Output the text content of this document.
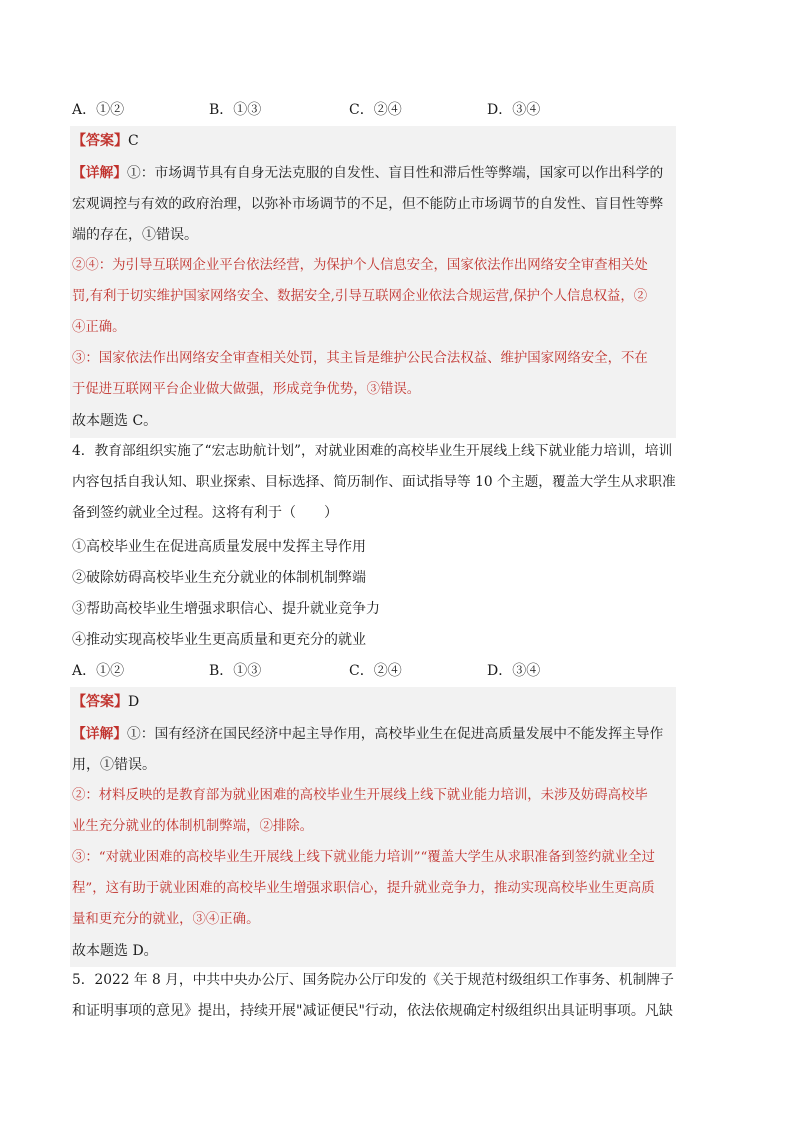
A．①②	B．①③	C．②④	D．③④
【答案】C
【详解】①：市场调节具有自身无法克服的自发性、盲目性和滞后性等弊端，国家可以作出科学的
宏观调控与有效的政府治理，以弥补市场调节的不足，但不能防止市场调节的自发性、盲目性等弊
端的存在，①错误。
②④：为引导互联网企业平台依法经营，为保护个人信息安全，国家依法作出网络安全审查相关处
罚,有利于切实维护国家网络安全、数据安全,引导互联网企业依法合规运营,保护个人信息权益，②
④正确。
③：国家依法作出网络安全审查相关处罚，其主旨是维护公民合法权益、维护国家网络安全，不在
于促进互联网平台企业做大做强，形成竞争优势，③错误。
故本题选 C。
4．教育部组织实施了“宏志助航计划”，对就业困难的高校毕业生开展线上线下就业能力培训，培训
内容包括自我认知、职业探索、目标选择、简历制作、面试指导等 10 个主题，覆盖大学生从求职准
备到签约就业全过程。这将有利于（　　）
①高校毕业生在促进高质量发展中发挥主导作用
②破除妨碍高校毕业生充分就业的体制机制弊端
③帮助高校毕业生增强求职信心、提升就业竞争力
④推动实现高校毕业生更高质量和更充分的就业
A．①②	B．①③	C．②④	D．③④
【答案】D
【详解】①：国有经济在国民经济中起主导作用，高校毕业生在促进高质量发展中不能发挥主导作
用，①错误。
②：材料反映的是教育部为就业困难的高校毕业生开展线上线下就业能力培训，未涉及妨碍高校毕
业生充分就业的体制机制弊端，②排除。
③：“对就业困难的高校毕业生开展线上线下就业能力培训”“覆盖大学生从求职准备到签约就业全过
程”，这有助于就业困难的高校毕业生增强求职信心，提升就业竞争力，推动实现高校毕业生更高质
量和更充分的就业，③④正确。
故本题选 D。
5．2022 年 8 月，中共中央办公厅、国务院办公厅印发的《关于规范村级组织工作事务、机制牌子
和证明事项的意见》提出，持续开展"减证便民"行动，依法依规确定村级组织出具证明事项。凡缺
